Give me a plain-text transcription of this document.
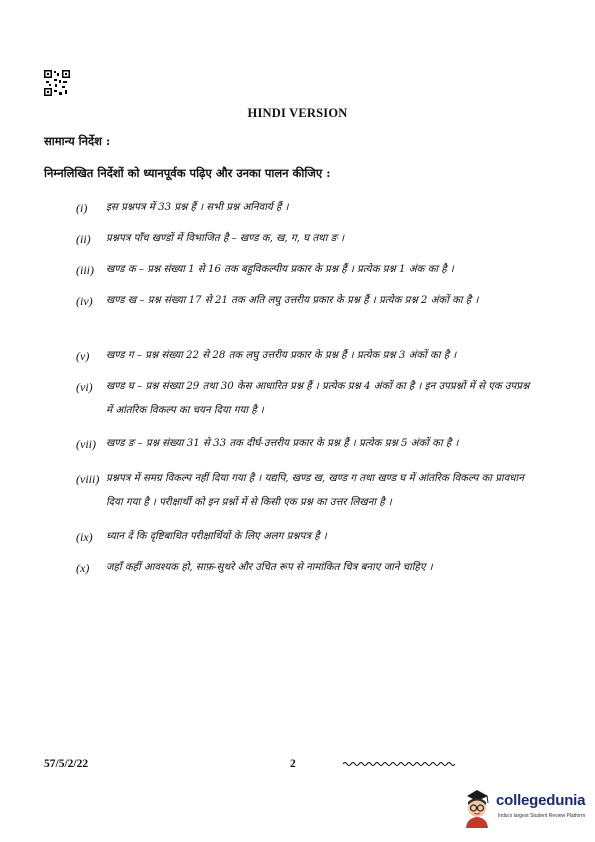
HINDI VERSION
सामान्य निर्देश :
निम्नलिखित निर्देशों को ध्यानपूर्वक पढ़िए और उनका पालन कीजिए :
(i) इस प्रश्नपत्र में 33 प्रश्न हैं । सभी प्रश्न अनिवार्य हैं ।
(ii) प्रश्नपत्र पाँच खण्डों में विभाजित है – खण्ड क, ख, ग, घ तथा ङ ।
(iii) खण्ड क – प्रश्न संख्या 1 से 16 तक बहुविकल्पीय प्रकार के प्रश्न हैं । प्रत्येक प्रश्न 1 अंक का है ।
(iv) खण्ड ख – प्रश्न संख्या 17 से 21 तक अति लघु उत्तरीय प्रकार के प्रश्न हैं । प्रत्येक प्रश्न 2 अंकों का है ।
(v) खण्ड ग – प्रश्न संख्या 22 से 28 तक लघु उत्तरीय प्रकार के प्रश्न हैं । प्रत्येक प्रश्न 3 अंकों का है ।
(vi) खण्ड घ – प्रश्न संख्या 29 तथा 30 केस आधारित प्रश्न हैं । प्रत्येक प्रश्न 4 अंकों का है । इन उपप्रश्नों में से एक उपप्रश्न में आंतरिक विकल्प का चयन दिया गया है ।
(vii) खण्ड ङ – प्रश्न संख्या 31 से 33 तक दीर्घ-उत्तरीय प्रकार के प्रश्न हैं । प्रत्येक प्रश्न 5 अंकों का है ।
(viii) प्रश्नपत्र में समग्र विकल्प नहीं दिया गया है । यद्यपि, खण्ड ख, खण्ड ग तथा खण्ड घ में आंतरिक विकल्प का प्रावधान दिया गया है । परीक्षार्थी को इन प्रश्नों में से किसी एक प्रश्न का उत्तर लिखना है ।
(ix) ध्यान दें कि दृष्टिबाधित परीक्षार्थियों के लिए अलग प्रश्नपत्र है ।
(x) जहाँ कहीं आवश्यक हो, साफ़-सुथरे और उचित रूप से नामांकित चित्र बनाए जाने चाहिए ।
57/5/2/22	2
collegedunia
India's largest Student Review Platform
